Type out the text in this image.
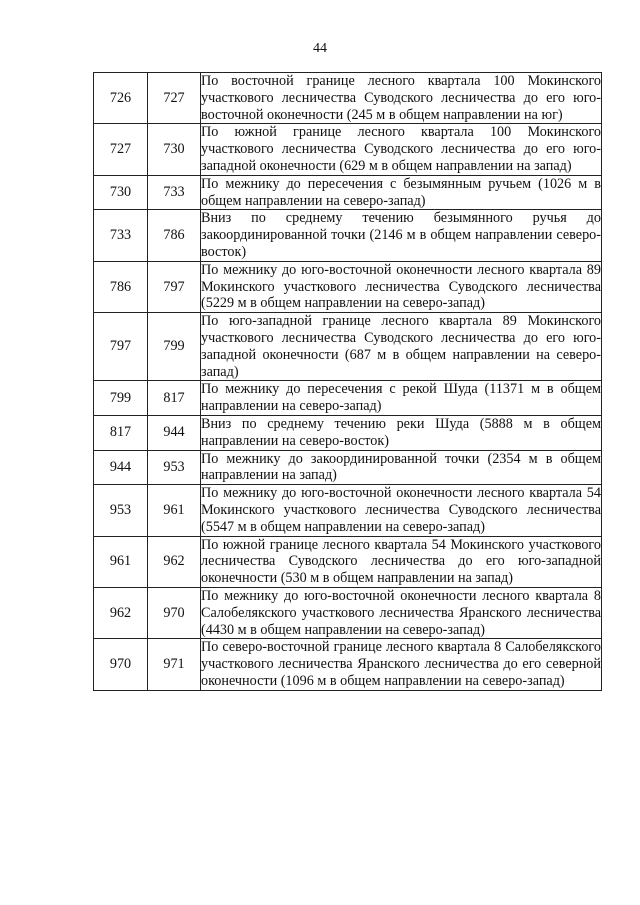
44
726	727	По восточной границе лесного квартала 100 Мокинского участкового лесничества Суводского лесничества до его юго-восточной оконечности (245 м в общем направлении на юг)
727	730	По южной границе лесного квартала 100 Мокинского участкового лесничества Суводского лесничества до его юго-западной оконечности (629 м в общем направлении на запад)
730	733	По межнику до пересечения с безымянным ручьем (1026 м в общем направлении на северо-запад)
733	786	Вниз по среднему течению безымянного ручья до закоординированной точки (2146 м в общем направлении северо-восток)
786	797	По межнику до юго-восточной оконечности лесного квартала 89 Мокинского участкового лесничества Суводского лесничества (5229 м в общем направлении на северо-запад)
797	799	По юго-западной границе лесного квартала 89 Мокинского участкового лесничества Суводского лесничества до его юго-западной оконечности (687 м в общем направлении на северо-запад)
799	817	По межнику до пересечения с рекой Шуда (11371 м в общем направлении на северо-запад)
817	944	Вниз по среднему течению реки Шуда (5888 м в общем направлении на северо-восток)
944	953	По межнику до закоординированной точки (2354 м в общем направлении на запад)
953	961	По межнику до юго-восточной оконечности лесного квартала 54 Мокинского участкового лесничества Суводского лесничества (5547 м в общем направлении на северо-запад)
961	962	По южной границе лесного квартала 54 Мокинского участкового лесничества Суводского лесничества до его юго-западной оконечности (530 м в общем направлении на запад)
962	970	По межнику до юго-восточной оконечности лесного квартала 8 Салобелякского участкового лесничества Яранского лесничества (4430 м в общем направлении на северо-запад)
970	971	По северо-восточной границе лесного квартала 8 Салобелякского участкового лесничества Яранского лесничества до его северной оконечности (1096 м в общем направлении на северо-запад)
